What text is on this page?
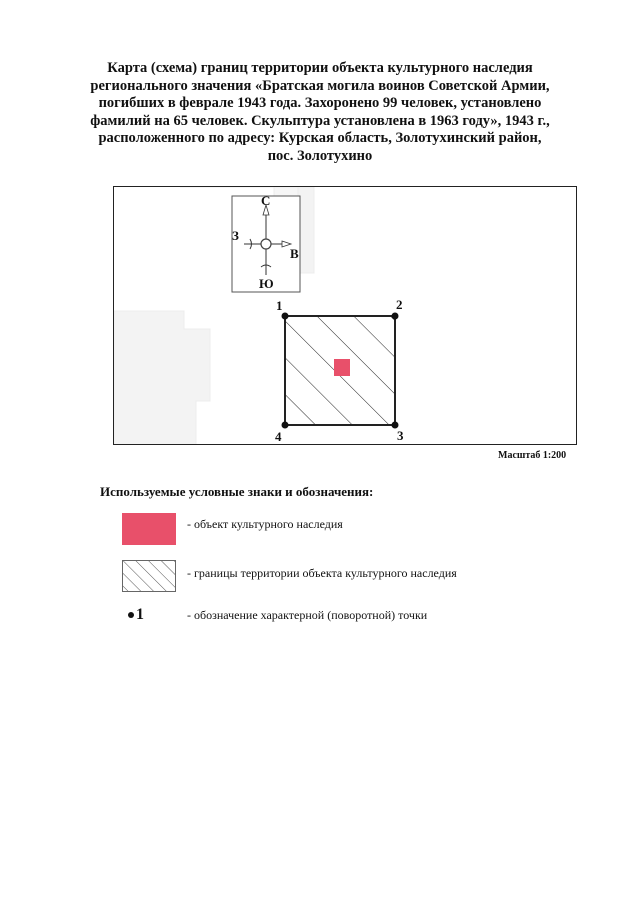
Карта (схема) границ территории объекта культурного наследия
регионального значения «Братская могила воинов Советской Армии,
погибших в феврале 1943 года. Захоронено 99 человек, установлено
фамилий на 65 человек. Скульптура установлена в 1963 году», 1943 г.,
расположенного по адресу: Курская область, Золотухинский район,
пос. Золотухино
С
Ю
З
В
1	2
3
4
Масштаб 1:200
Используемые условные знаки и обозначения:
- объект культурного наследия
- границы территории объекта культурного наследия
1	- обозначение характерной (поворотной) точки
